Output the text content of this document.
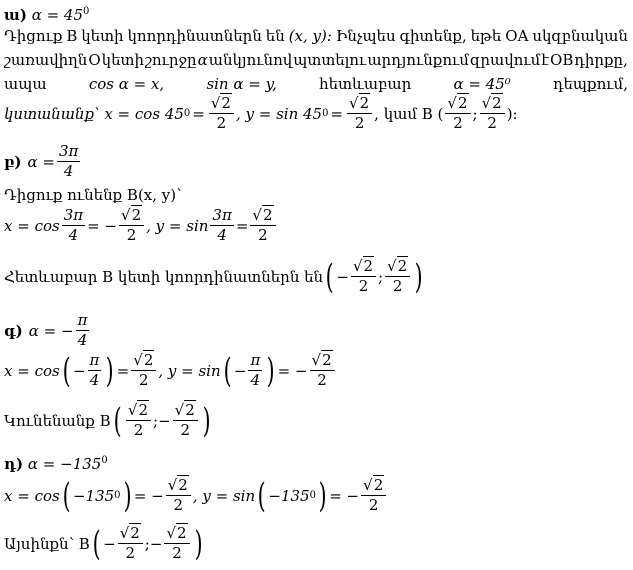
ա) $\alpha = 45^0$
Դիցուք B կետի կոորդինատներն են (x, y): Ինչպես գիտենք, եթե OA սկզբնական
շառավիղն O կետի շուրջը α անկյունով պտտելու արդյունքում զրավում է OB դիրքը,
ապա	cos α = x,	sin α = y,	հետևաբար	α = 45⁰	դեպքում,
կստանանք՝ x = cos 45 $0 = \frac{√2}{2}$ , y = sin 45 $0 = \frac{√2}{2}$ , կամ B ( $\frac{√2}{2}$ ; $\frac{√2}{2}$ ):
բ) $\alpha = \frac{3\pi}{4}$
Դիցուք ունենք B(x, y)՝
$x = \cos \frac{3\pi}{4}$ = − $\frac{√2}{2}$ , $y = \sin \frac{3\pi}{4} = \frac{√2}{2}$
Հետևաբար B կետի կոորդինատներն են ( − $\frac{√2}{2}$ ; $\frac{√2}{2}$ )
գ) α = − $\frac{\pi}{4}$
x = cos ( − $\frac{\pi}{4}$ ) = $\frac{√2}{2}$ , y = sin ( − $\frac{\pi}{4}$ ) = − $\frac{√2}{2}$
Կունենանք B ( $\frac{√2}{2}$ ; − $\frac{√2}{2}$ )
դ) $\alpha = -135^0$
x = cos ( −135 0 ) = − $\frac{√2}{2}$ , y = sin ( −135 0 ) = − $\frac{√2}{2}$
Այսինքն՝ B ( − $\frac{√2}{2}$ ; − $\frac{√2}{2}$ )
